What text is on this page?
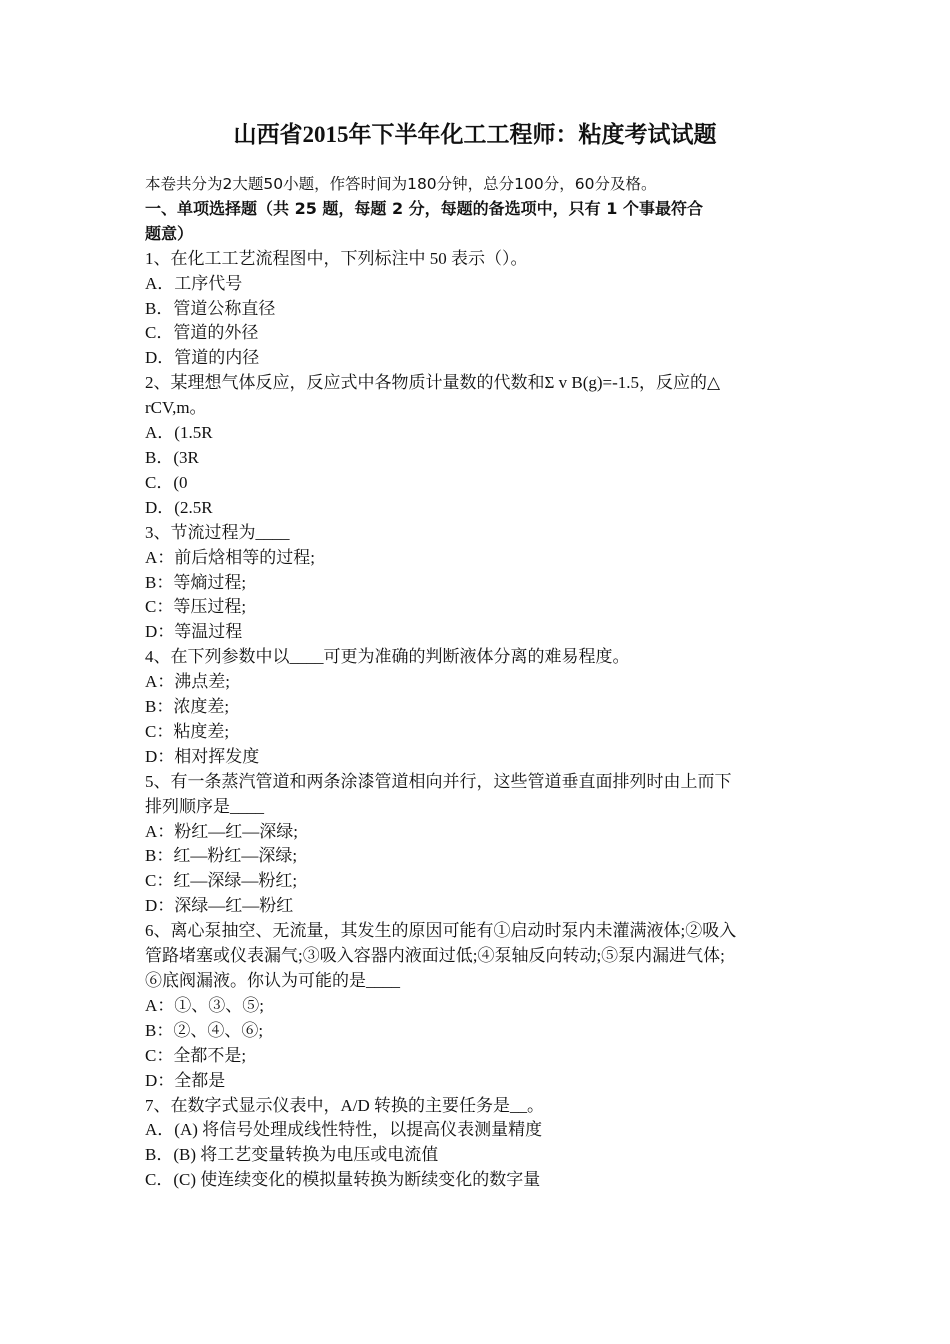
山西省2015年下半年化工工程师：粘度考试试题
本卷共分为2大题50小题，作答时间为180分钟，总分100分，60分及格。
一、单项选择题（共 25 题，每题 2 分，每题的备选项中，只有 1 个事最符合
题意）
1、在化工工艺流程图中，下列标注中 50 表示（）。
A．工序代号
B．管道公称直径
C．管道的外径
D．管道的内径
2、某理想气体反应，反应式中各物质计量数的代数和Σ v B(g)=-1.5，反应的△
rCV,m。
A．(1.5R
B．(3R
C．(0
D．(2.5R
3、节流过程为____
A：前后焓相等的过程;
B：等熵过程;
C：等压过程;
D：等温过程
4、在下列参数中以____可更为准确的判断液体分离的难易程度。
A：沸点差;
B：浓度差;
C：粘度差;
D：相对挥发度
5、有一条蒸汽管道和两条涂漆管道相向并行，这些管道垂直面排列时由上而下
排列顺序是____
A：粉红—红—深绿;
B：红—粉红—深绿;
C：红—深绿—粉红;
D：深绿—红—粉红
6、离心泵抽空、无流量，其发生的原因可能有①启动时泵内未灌满液体;②吸入
管路堵塞或仪表漏气;③吸入容器内液面过低;④泵轴反向转动;⑤泵内漏进气体;
⑥底阀漏液。你认为可能的是____
A：①、③、⑤;
B：②、④、⑥;
C：全都不是;
D：全都是
7、在数字式显示仪表中，A/D 转换的主要任务是__。
A．(A) 将信号处理成线性特性，以提高仪表测量精度
B．(B) 将工艺变量转换为电压或电流值
C．(C) 使连续变化的模拟量转换为断续变化的数字量
